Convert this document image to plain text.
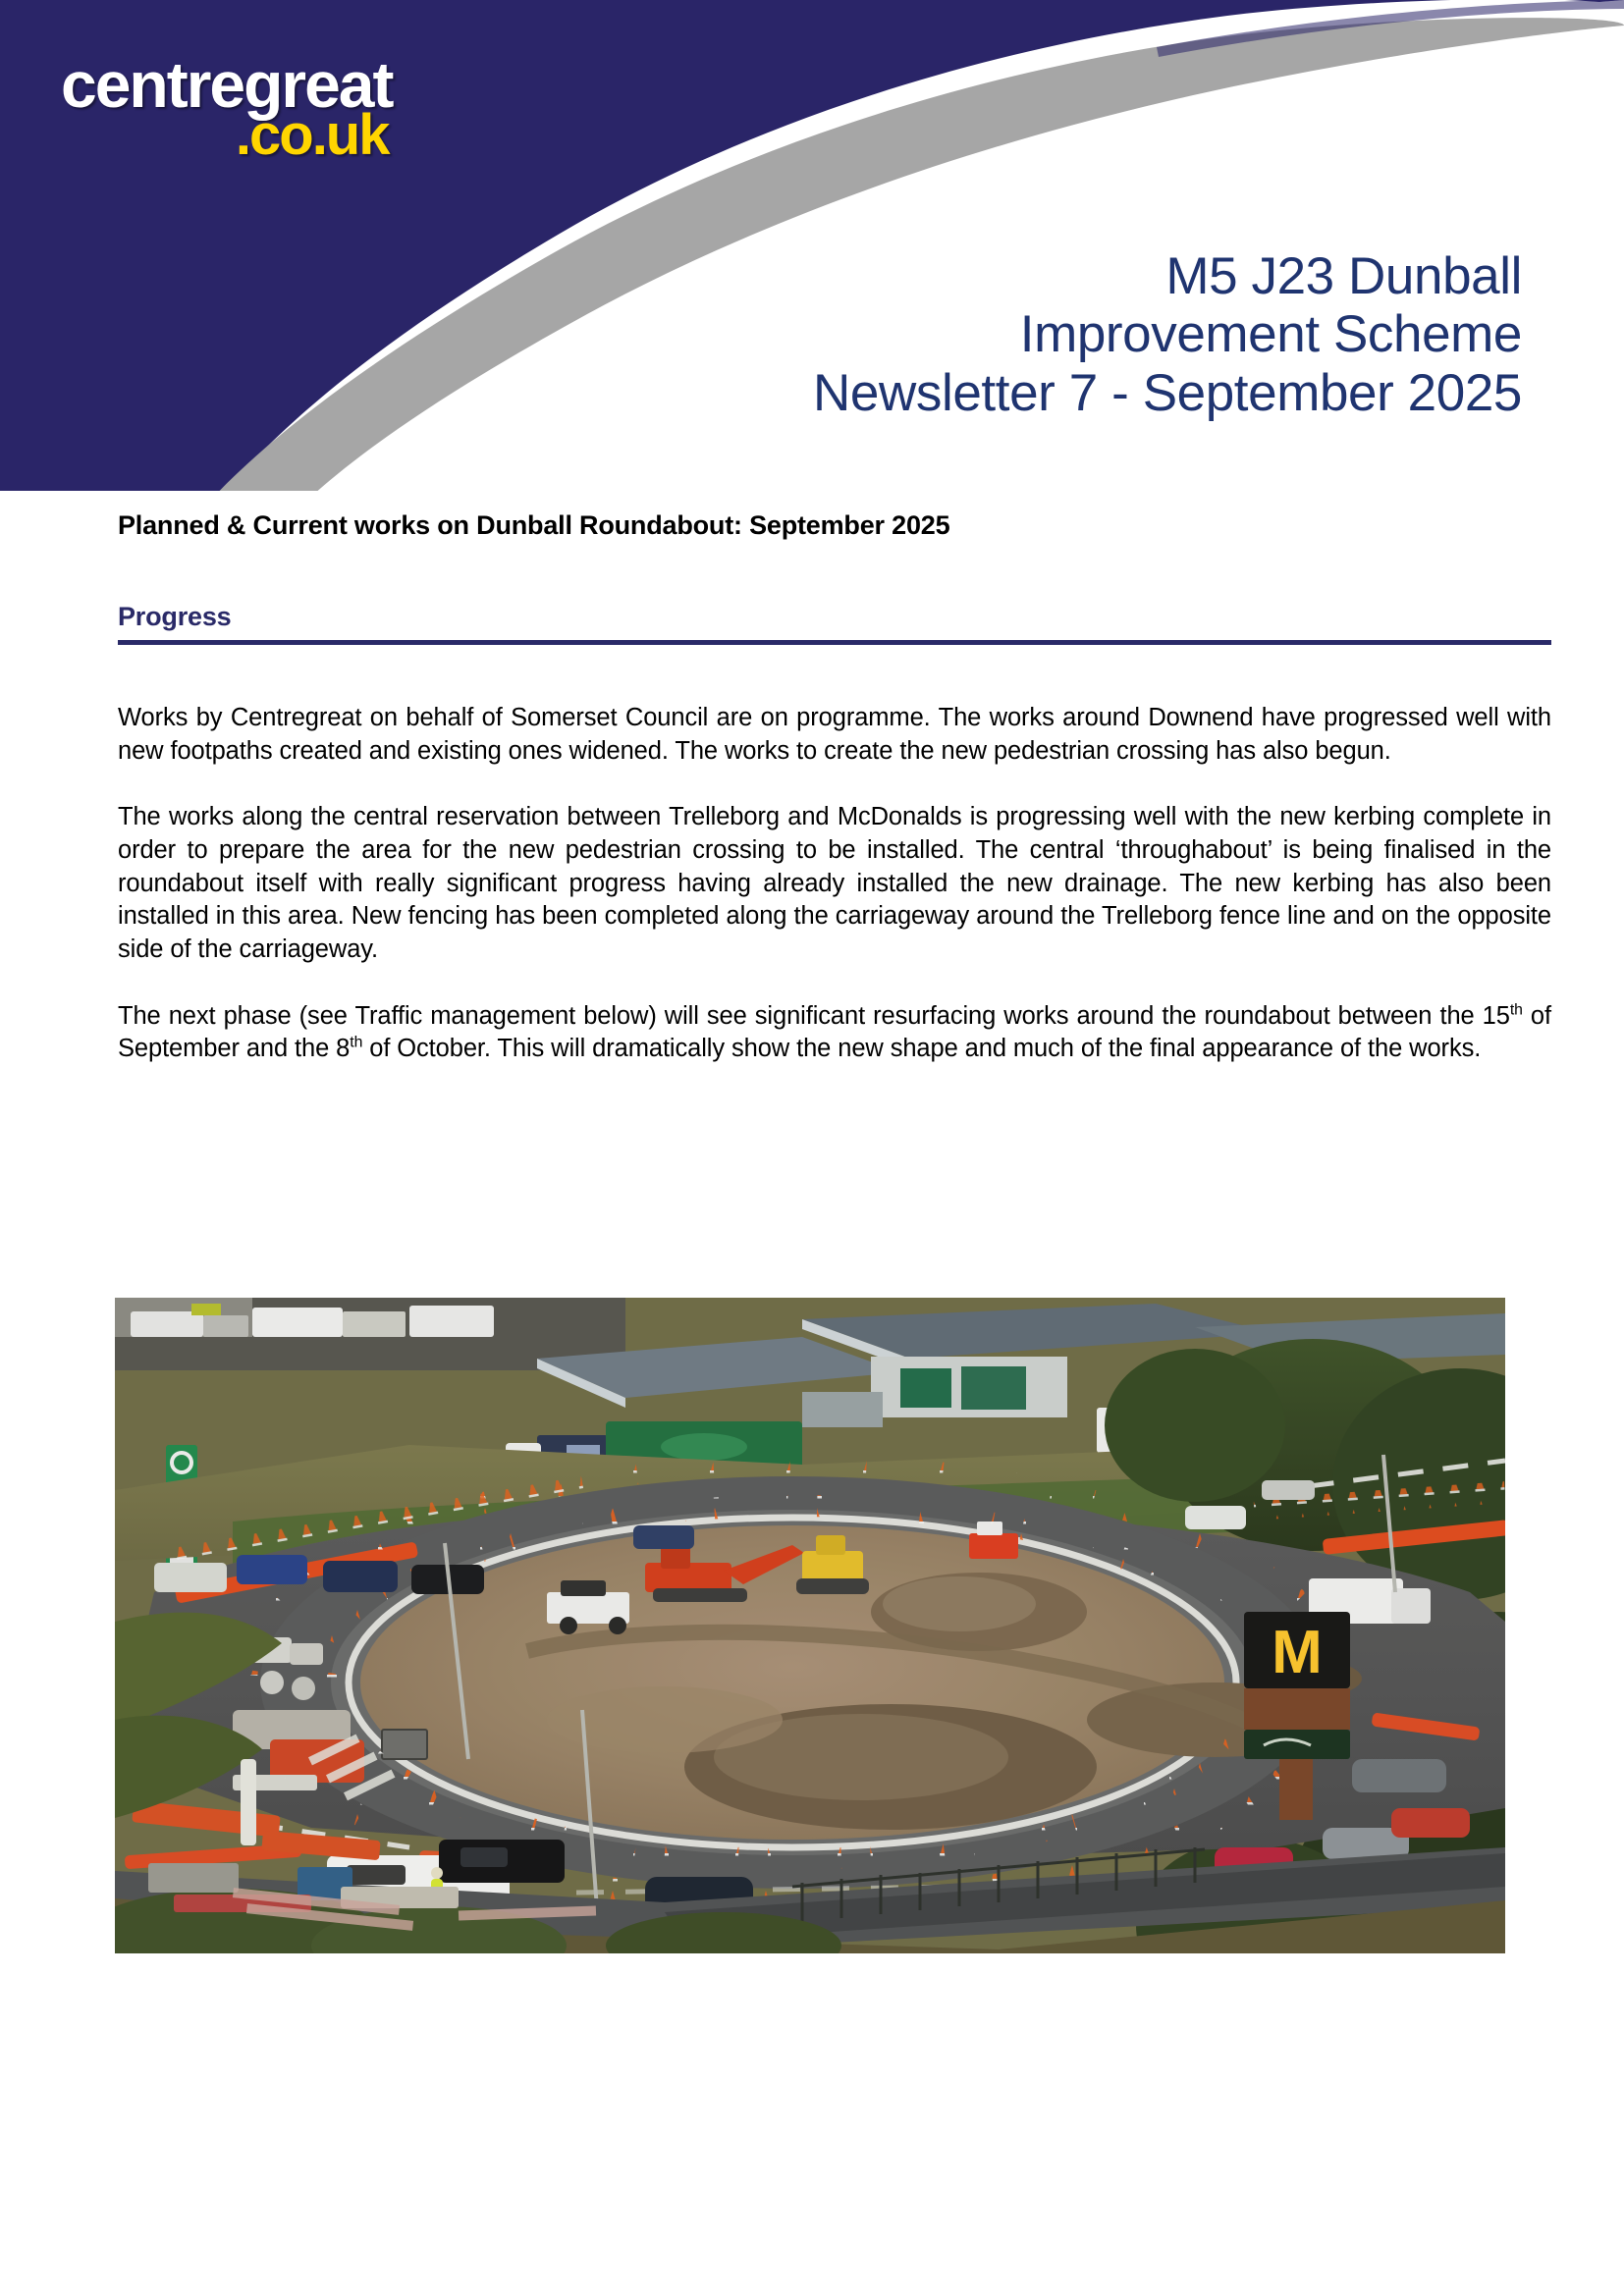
centregreat
.co.uk
M5 J23 Dunball
Improvement Scheme
Newsletter 7 - September 2025

Planned & Current works on Dunball Roundabout: September 2025

Progress

Works by Centregreat on behalf of Somerset Council are on programme. The works around Downend have progressed well with new footpaths created and existing ones widened. The works to create the new pedestrian crossing has also begun.

The works along the central reservation between Trelleborg and McDonalds is progressing well with the new kerbing complete in order to prepare the area for the new pedestrian crossing to be installed. The central ‘throughabout’ is being finalised in the roundabout itself with really significant progress having already installed the new drainage. The new kerbing has also been installed in this area. New fencing has been completed along the carriageway around the Trelleborg fence line and on the opposite side of the carriageway.

The next phase (see Traffic management below) will see significant resurfacing works around the roundabout between the 15th of September and the 8th of October. This will dramatically show the new shape and much of the final appearance of the works.

M
